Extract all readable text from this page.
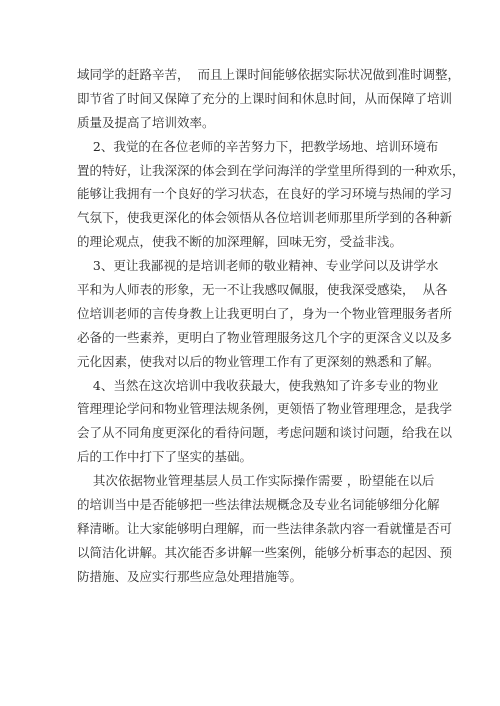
域同学的赶路辛苦，  而且上课时间能够依据实际状况做到准时调整，
即节省了时间又保障了充分的上课时间和休息时间，从而保障了培训
质量及提高了培训效率。
2、我觉的在各位老师的辛苦努力下，把教学场地、培训环境布
置的特好，让我深深的体会到在学问海洋的学堂里所得到的一种欢乐，
能够让我拥有一个良好的学习状态，在良好的学习环境与热闹的学习
气氛下，使我更深化的体会领悟从各位培训老师那里所学到的各种新
的理论观点，使我不断的加深理解，回味无穷，受益非浅。
3、更让我鄙视的是培训老师的敬业精神、专业学问以及讲学水
平和为人师表的形象，无一不让我感叹佩服，使我深受感染，  从各
位培训老师的言传身教上让我更明白了，身为一个物业管理服务者所
必备的一些素养，更明白了物业管理服务这几个字的更深含义以及多
元化因素，使我对以后的物业管理工作有了更深刻的熟悉和了解。
4、当然在这次培训中我收获最大，使我熟知了许多专业的物业
管理理论学问和物业管理法规条例，更领悟了物业管理理念，是我学
会了从不同角度更深化的看待问题，考虑问题和谈讨问题，给我在以
后的工作中打下了坚实的基础。
其次依据物业管理基层人员工作实际操作需要 ，盼望能在以后
的培训当中是否能够把一些法律法规概念及专业名词能够细分化解
释清晰。让大家能够明白理解，而一些法律条款内容一看就懂是否可
以简洁化讲解。其次能否多讲解一些案例，能够分析事态的起因、预
防措施、及应实行那些应急处理措施等。
